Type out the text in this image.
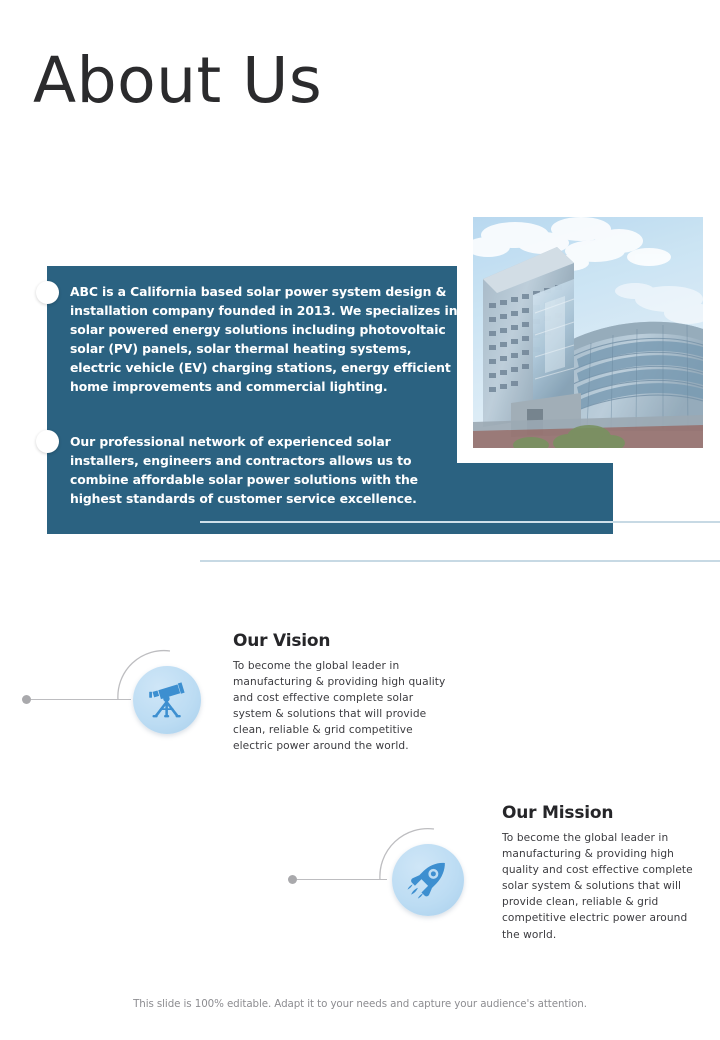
About Us
ABC is a California based solar power system design & installation company founded in 2013. We specializes in solar powered energy solutions including photovoltaic solar (PV) panels, solar thermal heating systems, electric vehicle (EV) charging stations, energy efficient home improvements and commercial lighting.
Our professional network of experienced solar installers, engineers and contractors allows us to combine affordable solar power solutions with the highest standards of customer service excellence.
Our Vision
To become the global leader in manufacturing & providing high quality and cost effective complete solar system & solutions that will provide clean, reliable & grid competitive electric power around the world.
Our Mission
To become the global leader in manufacturing & providing high quality and cost effective complete solar system & solutions that will provide clean, reliable & grid competitive electric power around the world.
This slide is 100% editable. Adapt it to your needs and capture your audience's attention.
